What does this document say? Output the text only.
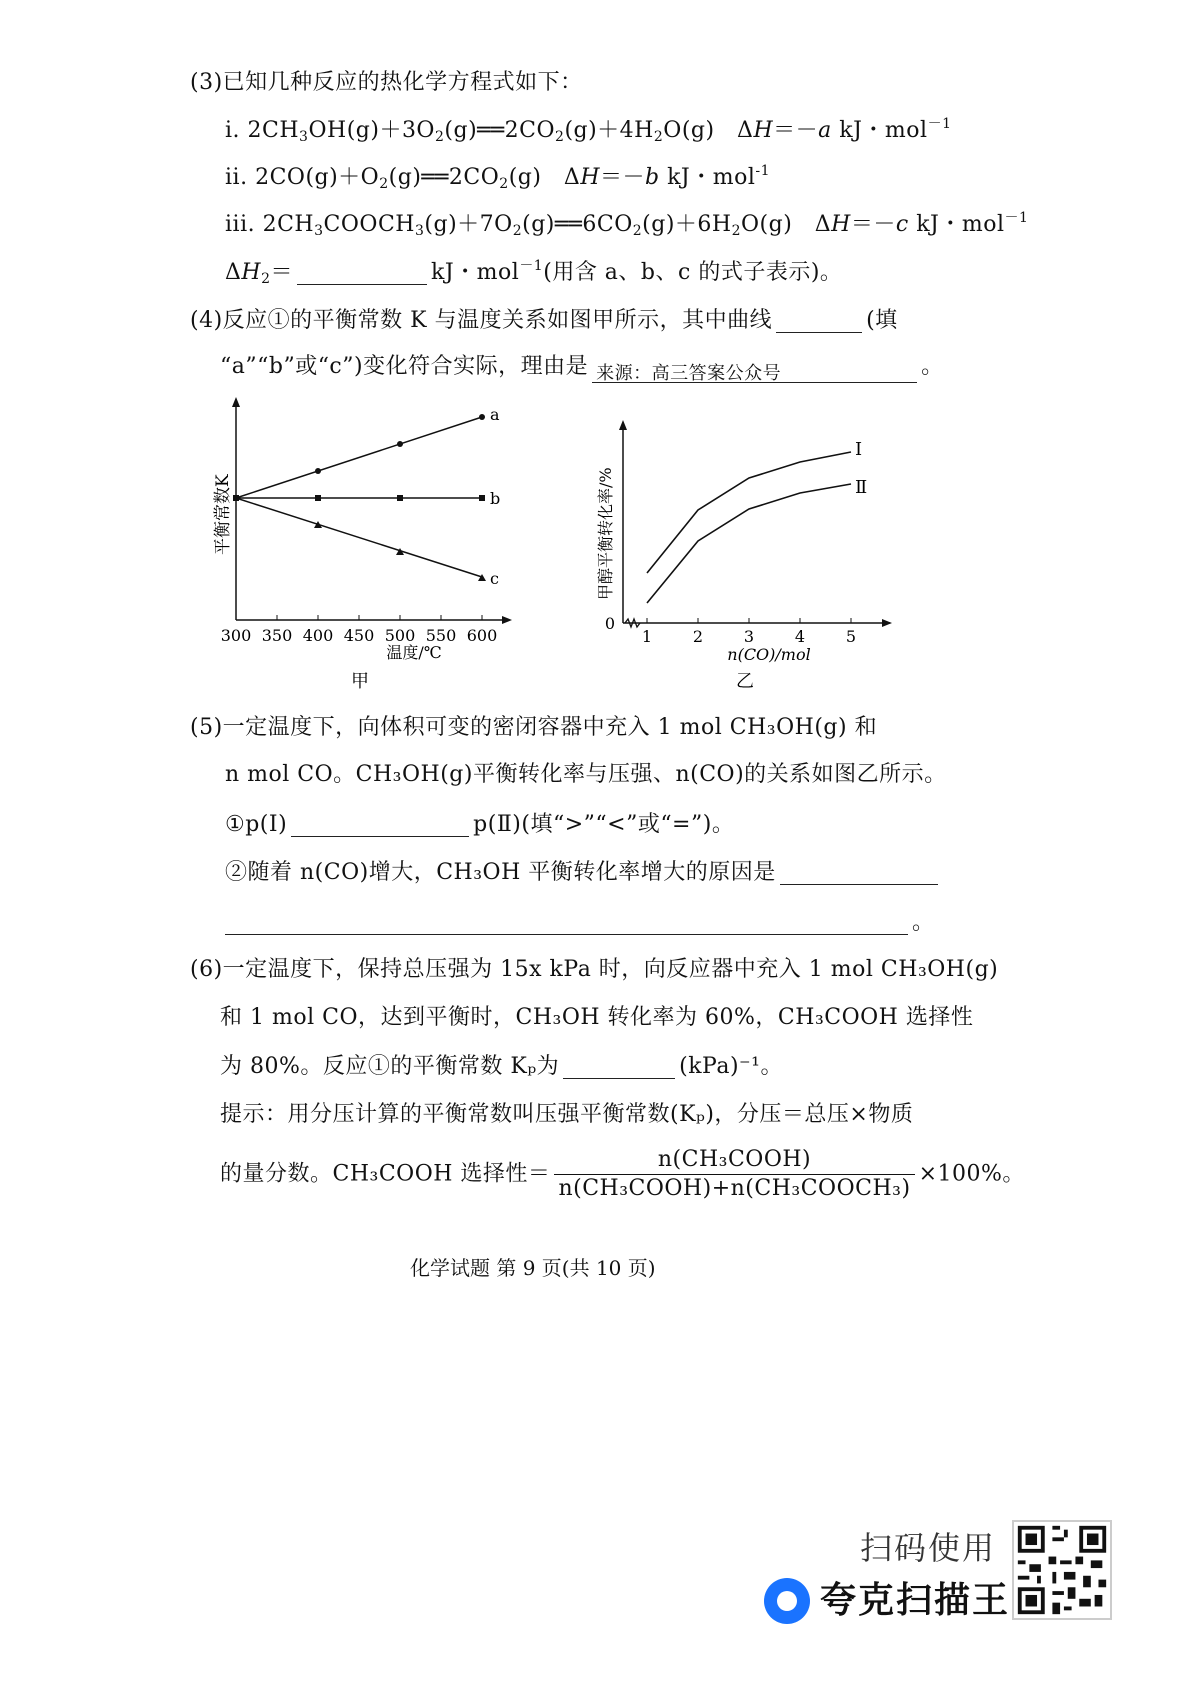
(3)已知几种反应的热化学方程式如下：
i. $2CH_3OH(g)+3O_2(g)══2CO_2(g)+4H_2O(g)$   ΔH＝－a kJ・mol$^{-1}$
ii. $2CO(g)+O_2(g)══2CO_2(g)$   ΔH＝－b kJ・mol$^{-1}$
iii. $2CH_3COOCH_3(g)+7O_2(g)══6CO_2(g)+6H_2O(g)$   ΔH＝－c kJ・mol$^{-1}$
$\Delta H_2=$	kJ・mol$^{-1}$(用含 a、b、c 的式子表示)。
(4)反应①的平衡常数 K 与温度关系如图甲所示，其中曲线	(填
“a”“b”或“c”)变化符合实际，理由是 来源：高三答案公众号	。
a
b
c
平衡常数K
300 350 400 450 500 550 600
温度/℃
甲
Ⅰ
Ⅱ
甲醇平衡转化率/%
0
1	2	3	4	5
n(CO)/mol
乙
(5)一定温度下，向体积可变的密闭容器中充入 1 mol CH₃OH(g) 和
n mol CO。CH₃OH(g)平衡转化率与压强、n(CO)的关系如图乙所示。
①p(Ⅰ)	p(Ⅱ)(填“>”“<”或“=”)。
②随着 n(CO)增大，CH₃OH 平衡转化率增大的原因是
。
(6)一定温度下，保持总压强为 15x kPa 时，向反应器中充入 1 mol CH₃OH(g)
和 1 mol CO，达到平衡时，CH₃OH 转化率为 60%，CH₃COOH 选择性
为 80%。反应①的平衡常数 Kₚ为	(kPa)⁻¹。
提示：用分压计算的平衡常数叫压强平衡常数(Kₚ)，分压＝总压×物质
的量分数。CH₃COOH 选择性＝ $\frac{\text{n(CH₃COOH)}}{\text{n(CH₃COOH)+n(CH₃COOCH₃)}} \times 100\%$。
化学试题 第 9 页(共 10 页)
扫码使用
夸克扫描王
